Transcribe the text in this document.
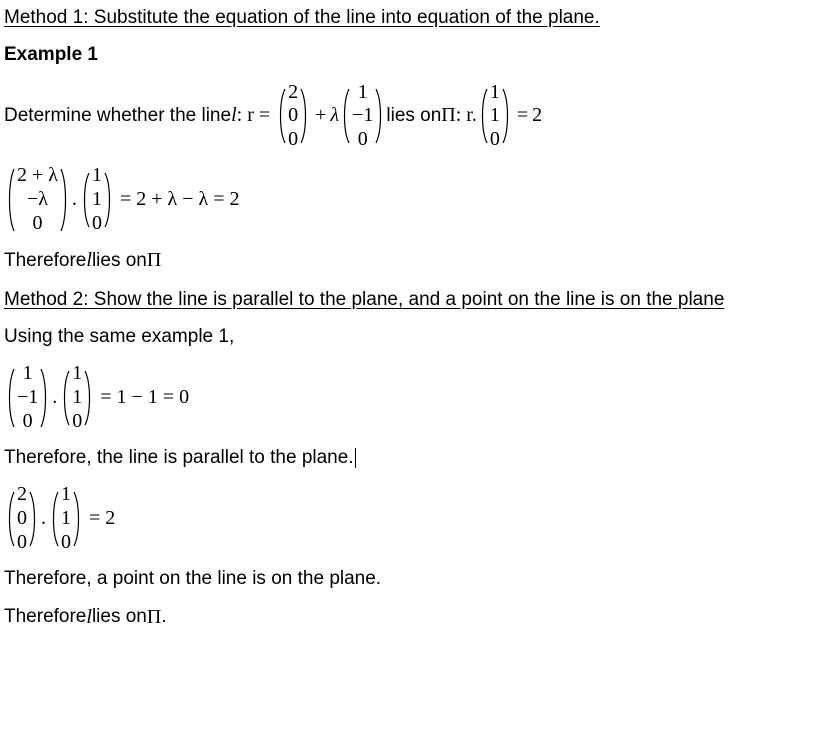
Method 1: Substitute the equation of the line into equation of the plane.
Example 1
Determine whether the line l : r =
2
0
0
+ λ
1
−1
0
lies on Π : r.
1
1
0
= 2
2 + λ
−λ
0
.
1
1
0
= 2 + λ − λ = 2
Therefore l lies on Π
Method 2: Show the line is parallel to the plane, and a point on the line is on the plane
Using the same example 1,
1
−1
0
.
1
1
0
= 1 − 1 = 0
Therefore, the line is parallel to the plane.
2
0
0
.
1
1
0
= 2
Therefore, a point on the line is on the plane.
Therefore l lies on Π .
